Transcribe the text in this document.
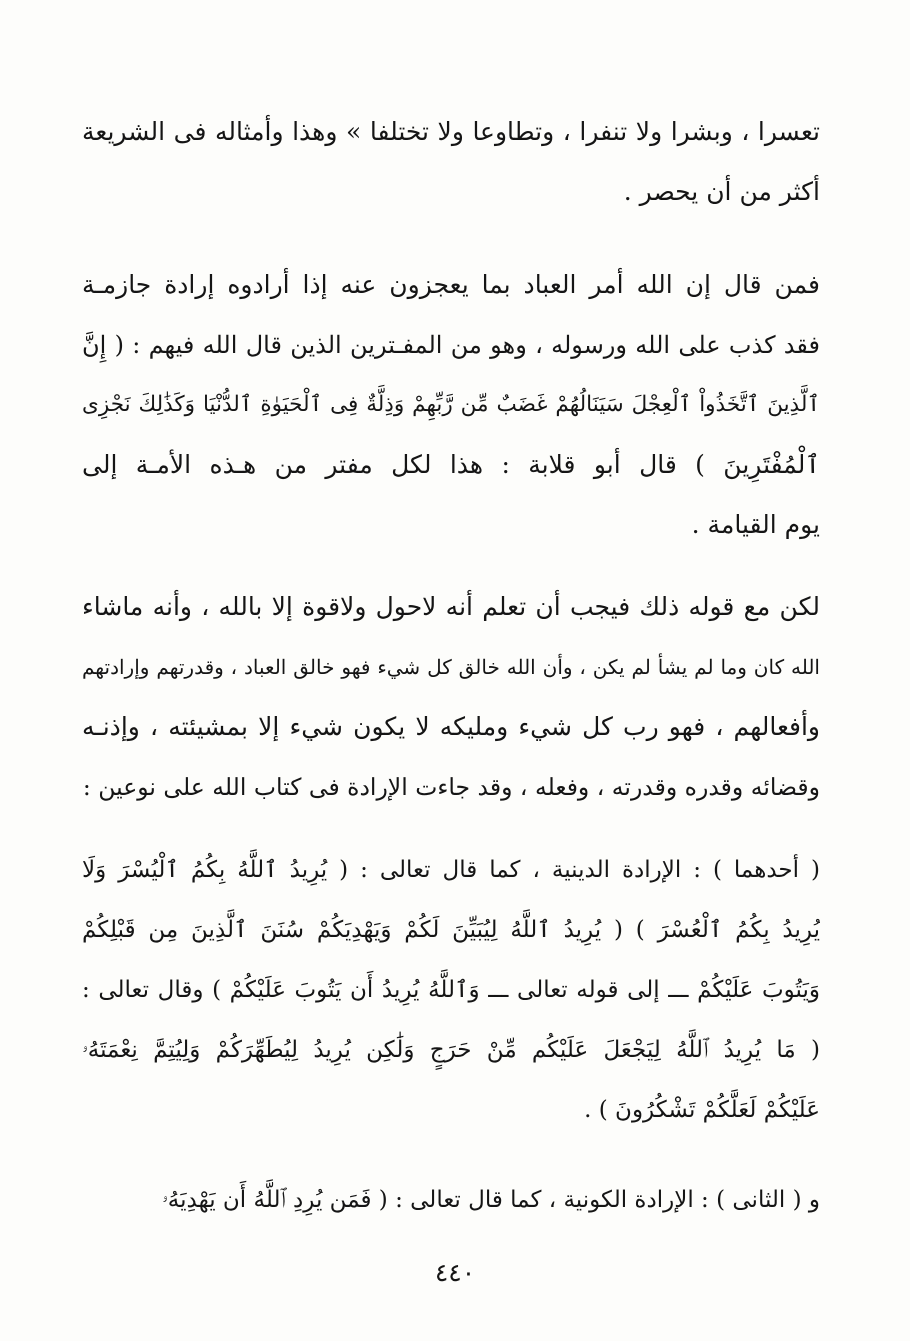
تعسرا ، وبشرا ولا تنفرا ، وتطاوعا ولا تختلفا » وهذا وأمثاله فى الشريعة
أكثر من أن يحصر .
فمن قال إن الله أمر العباد بما يعجزون عنه إذا أرادوه إرادة جازمـة
فقد كذب على الله ورسوله ، وهو من المفـترين الذين قال الله فيهم : ( إِنَّ
ٱلَّذِينَ ٱتَّخَذُواْ ٱلْعِجْلَ سَيَنَالُهُمْ غَضَبٌ مِّن رَّبِّهِمْ وَذِلَّةٌ فِى ٱلْحَيَوٰةِ ٱلدُّنْيَا وَكَذَٰلِكَ نَجْزِى
ٱلْمُفْتَرِينَ ) قال أبو قلابة : هذا لكل مفتر من هـذه الأمـة إلى
يوم القيامة .
لكن مع قوله ذلك فيجب أن تعلم أنه لاحول ولاقوة إلا بالله ، وأنه ماشاء
الله كان وما لم يشأ لم يكن ، وأن الله خالق كل شيء فهو خالق العباد ، وقدرتهم وإرادتهم
وأفعالهم ، فهو رب كل شيء ومليكه لا يكون شيء إلا بمشيئته ، وإذنـه
وقضائه وقدره وقدرته ، وفعله ، وقد جاءت الإرادة فى كتاب الله على نوعين :
( أحدهما ) : الإرادة الدينية ، كما قال تعالى : ( يُرِيدُ ٱللَّهُ بِكُمُ ٱلْيُسْرَ وَلَا
يُرِيدُ بِكُمُ ٱلْعُسْرَ ) ( يُرِيدُ ٱللَّهُ لِيُبَيِّنَ لَكُمْ وَيَهْدِيَكُمْ سُنَنَ ٱلَّذِينَ مِن قَبْلِكُمْ
وَيَتُوبَ عَلَيْكُمْ ـــ إلى قوله تعالى ـــ وَٱللَّهُ يُرِيدُ أَن يَتُوبَ عَلَيْكُمْ ) وقال تعالى :
( مَا يُرِيدُ ٱللَّهُ لِيَجْعَلَ عَلَيْكُم مِّنْ حَرَجٍ وَلَٰكِن يُرِيدُ لِيُطَهِّرَكُمْ وَلِيُتِمَّ نِعْمَتَهُۥ
عَلَيْكُمْ لَعَلَّكُمْ تَشْكُرُونَ ) .
و ( الثانى ) : الإرادة الكونية ، كما قال تعالى : ( فَمَن يُرِدِ ٱللَّهُ أَن يَهْدِيَهُۥ
٤٤٠
